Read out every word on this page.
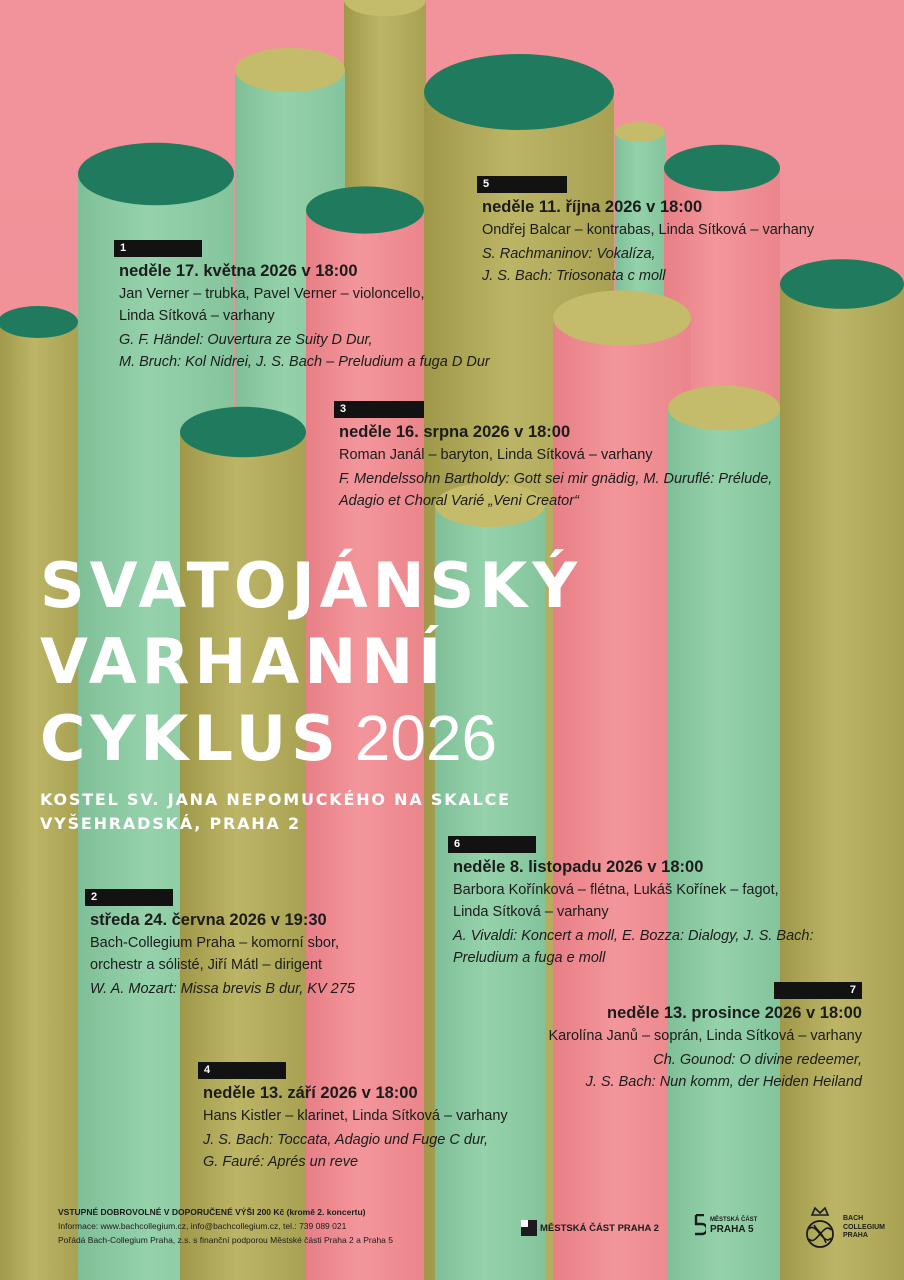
1
neděle 17. května 2026 v 18:00
Jan Verner – trubka, Pavel Verner – violoncello,
Linda Sítková – varhany
G. F. Händel: Ouvertura ze Suity D Dur,
M. Bruch: Kol Nidrei, J. S. Bach – Preludium a fuga D Dur
5
neděle 11. října 2026 v 18:00
Ondřej Balcar – kontrabas, Linda Sítková – varhany
S. Rachmaninov: Vokalíza,
J. S. Bach: Triosonata c moll
3
neděle 16. srpna 2026 v 18:00
Roman Janál – baryton, Linda Sítková – varhany
F. Mendelssohn Bartholdy: Gott sei mir gnädig, M. Duruflé: Prélude,
Adagio et Choral Varié „Veni Creator“
SVATOJÁNSKÝ
VARHANNÍ
CYKLUS 2026
KOSTEL SV. JANA NEPOMUCKÉHO NA SKALCE
VYŠEHRADSKÁ, PRAHA 2
6
neděle 8. listopadu 2026 v 18:00
Barbora Kořínková – flétna, Lukáš Kořínek – fagot,
Linda Sítková – varhany
A. Vivaldi: Koncert a moll, E. Bozza: Dialogy, J. S. Bach:
Preludium a fuga e moll
2
středa 24. června 2026 v 19:30
Bach-Collegium Praha – komorní sbor,
orchestr a sólisté, Jiří Mátl – dirigent
W. A. Mozart: Missa brevis B dur, KV 275	7
neděle 13. prosince 2026 v 18:00
Karolína Janů – soprán, Linda Sítková – varhany
Ch. Gounod: O divine redeemer,
J. S. Bach: Nun komm, der Heiden Heiland
4
neděle 13. září 2026 v 18:00
Hans Kistler – klarinet, Linda Sítková – varhany
J. S. Bach: Toccata, Adagio und Fuge C dur,
G. Fauré: Aprés un reve
VSTUPNÉ DOBROVOLNÉ V DOPORUČENÉ VÝŠI 200 Kč (kromě 2. koncertu)
Informace: www.bachcollegium.cz, info@bachcollegium.cz, tel.: 739 089 021
Pořádá Bach-Collegium Praha, z.s. s finanční podporou Městské části Praha 2 a Praha 5
MĚSTSKÁ ČÁST PRAHA 2
MĚSTSKÁ ČÁST
PRAHA 5
BACH
COLLEGIUM
PRAHA
